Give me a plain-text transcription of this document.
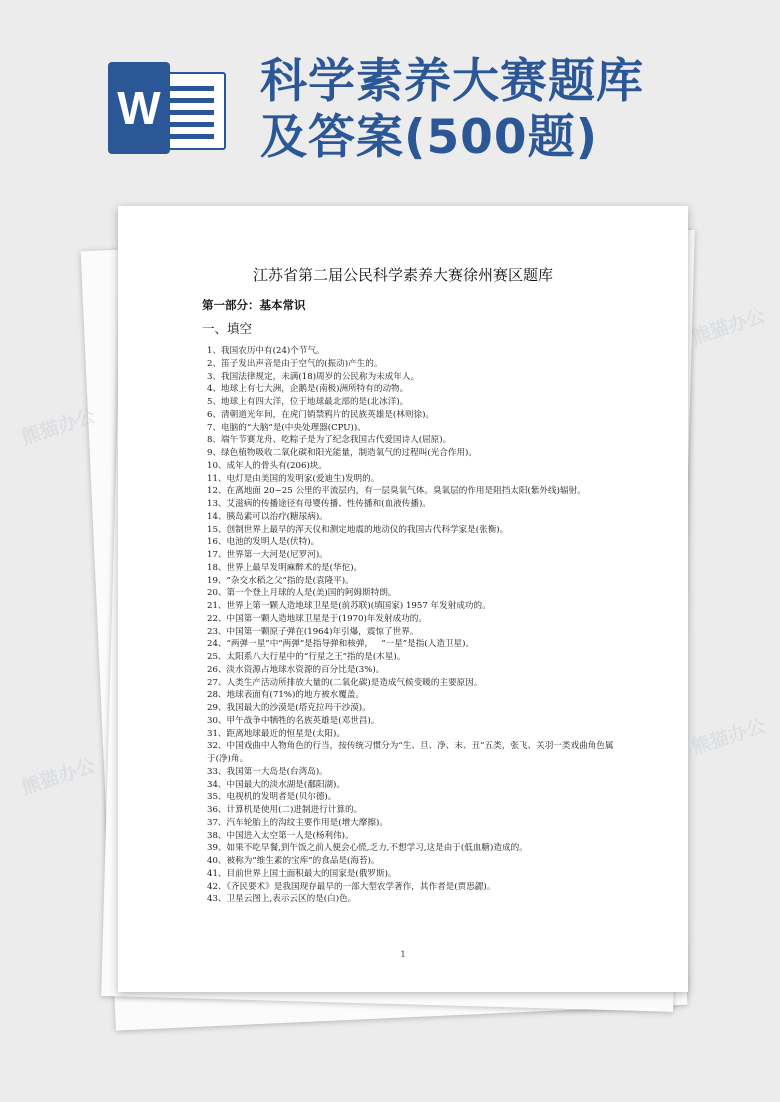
W 科学素养大赛题库
及答案(500题)
江苏省第二届公民科学素养大赛徐州赛区题库
第一部分：基本常识
一、填空
1、我国农历中有(24)个节气。
2、笛子发出声音是由于空气的(振动)产生的。
3、我国法律规定，未满(18)周岁的公民称为未成年人。
4、地球上有七大洲，企鹅是(南极)洲所特有的动物。
5、地球上有四大洋，位于地球最北部的是(北冰洋)。
6、清朝道光年间，在虎门销禁鸦片的民族英雄是(林则徐)。
7、电脑的“大脑”是(中央处理器(CPU))。
8、端午节赛龙舟、吃粽子是为了纪念我国古代爱国诗人(屈原)。
9、绿色植物吸收二氧化碳和阳光能量，制造氧气的过程叫(光合作用)。
10、成年人的骨头有(206)块。
11、电灯是由美国的发明家(爱迪生)发明的。
12、在离地面 20~25 公里的平流层内，有一层臭氧气体。臭氧层的作用是阻挡太阳(紫外线)辐射。
13、艾滋病的传播途径有母婴传播、性传播和(血液传播)。
14、胰岛素可以治疗(糖尿病)。
15、创制世界上最早的浑天仪和测定地震的地动仪的我国古代科学家是(张衡)。
16、电池的发明人是(伏特)。
17、世界第一大河是(尼罗河)。
18、世界上最早发明麻醉术的是(华佗)。
19、“杂交水稻之父”指的是(袁隆平)。
20、第一个登上月球的人是(美)国的阿姆斯特朗。
21、世界上第一颗人造地球卫星是(前苏联)(填国家) 1957 年发射成功的。
22、中国第一颗人造地球卫星是于(1970)年发射成功的。
23、中国第一颗原子弹在(1964)年引爆，震惊了世界。
24、“两弹一星”中“两弹”是指导弹和核弹，   “一星”是指(人造卫星)。
25、太阳系八大行星中的“行星之王”指的是(木星)。
26、淡水资源占地球水资源的百分比是(3%)。
27、人类生产活动所排放大量的(二氧化碳)是造成气候变暖的主要原因。
28、地球表面有(71%)的地方被水覆盖。
29、我国最大的沙漠是(塔克拉玛干沙漠)。
30、甲午战争中牺牲的名族英雄是(邓世昌)。
31、距离地球最近的恒星是(太阳)。
32、中国戏曲中人物角色的行当，按传统习惯分为“生、旦、净、末、丑”五类，张飞、关羽一类戏曲角色属于(净)角。
33、我国第一大岛是(台湾岛)。
34、中国最大的淡水湖是(鄱阳湖)。
35、电视机的发明者是(贝尔德)。
36、计算机是使用(二)进制进行计算的。
37、汽车轮胎上的沟纹主要作用是(增大摩擦)。
38、中国进入太空第一人是(杨利伟)。
39、如果不吃早餐,到午饭之前人便会心慌,乏力,不想学习,这是由于(低血糖)造成的。
40、被称为“维生素的宝库”的食品是(海苔)。
41、目前世界上国土面积最大的国家是(俄罗斯)。
42、《齐民要术》是我国现存最早的一部大型农学著作，其作者是(贾思勰)。
43、卫星云图上,表示云区的是(白)色。
1
熊猫办公
熊猫办公
熊猫办公
熊猫办公
